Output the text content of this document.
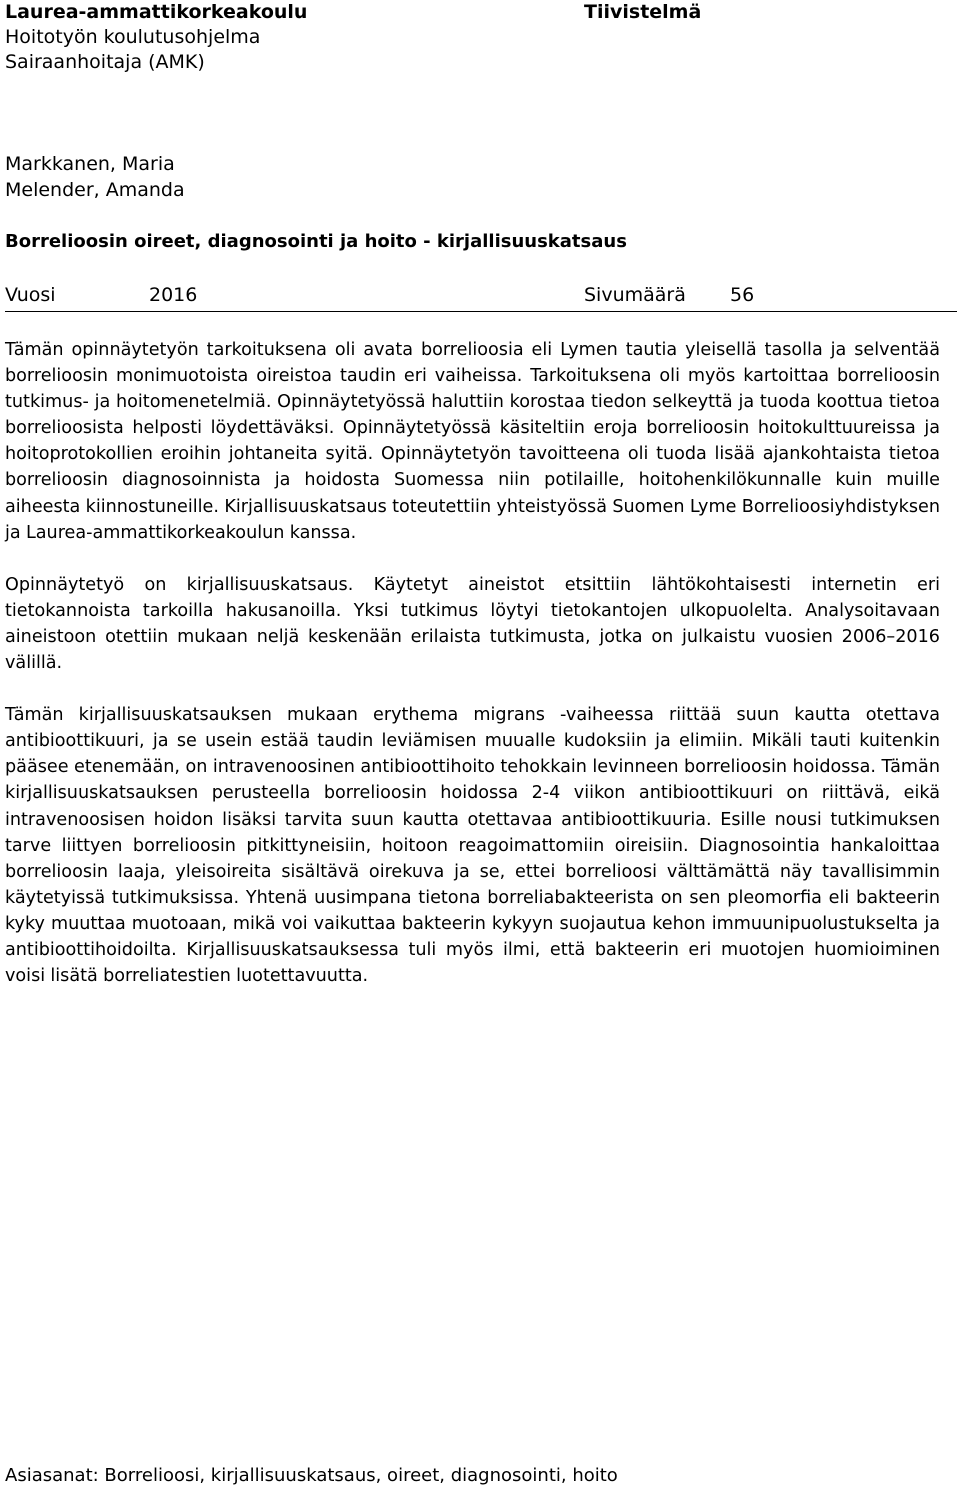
Laurea-ammattikorkeakoulu
Hoitotyön koulutusohjelma
Sairaanhoitaja (AMK)
Tiivistelmä
Markkanen, Maria
Melender, Amanda
Borrelioosin oireet, diagnosointi ja hoito - kirjallisuuskatsaus
Vuosi	2016	Sivumäärä 56

Tämän opinnäytetyön tarkoituksena oli avata borrelioosia eli Lymen tautia yleisellä tasolla ja selventää borrelioosin monimuotoista oireistoa taudin eri vaiheissa. Tarkoituksena oli myös kartoittaa borrelioosin tutkimus- ja hoitomenetelmiä. Opinnäytetyössä haluttiin korostaa tiedon selkeyttä ja tuoda koottua tietoa borrelioosista helposti löydettäväksi. Opinnäytetyössä käsiteltiin eroja borrelioosin hoitokulttuureissa ja hoitoprotokollien eroihin johtaneita syitä. Opinnäytetyön tavoitteena oli tuoda lisää ajankohtaista tietoa borrelioosin diagnosoinnista ja hoidosta Suomessa niin potilaille, hoitohenkilökunnalle kuin muille aiheesta kiinnostuneille. Kirjallisuuskatsaus toteutettiin yhteistyössä Suomen Lyme Borrelioosiyhdistyksen ja Laurea-ammattikorkeakoulun kanssa.

Opinnäytetyö on kirjallisuuskatsaus. Käytetyt aineistot etsittiin lähtökohtaisesti internetin eri tietokannoista tarkoilla hakusanoilla. Yksi tutkimus löytyi tietokantojen ulkopuolelta. Analysoitavaan aineistoon otettiin mukaan neljä keskenään erilaista tutkimusta, jotka on julkaistu vuosien 2006–2016 välillä.

Tämän kirjallisuuskatsauksen mukaan erythema migrans -vaiheessa riittää suun kautta otettava antibioottikuuri, ja se usein estää taudin leviämisen muualle kudoksiin ja elimiin. Mikäli tauti kuitenkin pääsee etenemään, on intravenoosinen antibioottihoito tehokkain levinneen borrelioosin hoidossa. Tämän kirjallisuuskatsauksen perusteella borrelioosin hoidossa 2-4 viikon antibioottikuuri on riittävä, eikä intravenoosisen hoidon lisäksi tarvita suun kautta otettavaa antibioottikuuria. Esille nousi tutkimuksen tarve liittyen borrelioosin pitkittyneisiin, hoitoon reagoimattomiin oireisiin. Diagnosointia hankaloittaa borrelioosin laaja, yleisoireita sisältävä oirekuva ja se, ettei borrelioosi välttämättä näy tavallisimmin käytetyissä tutkimuksissa. Yhtenä uusimpana tietona borreliabakteerista on sen pleomorfia eli bakteerin kyky muuttaa muotoaan, mikä voi vaikuttaa bakteerin kykyyn suojautua kehon immuunipuolustukselta ja antibioottihoidoilta. Kirjallisuuskatsauksessa tuli myös ilmi, että bakteerin eri muotojen huomioiminen voisi lisätä borreliatestien luotettavuutta.

Asiasanat: Borrelioosi, kirjallisuuskatsaus, oireet, diagnosointi, hoito
